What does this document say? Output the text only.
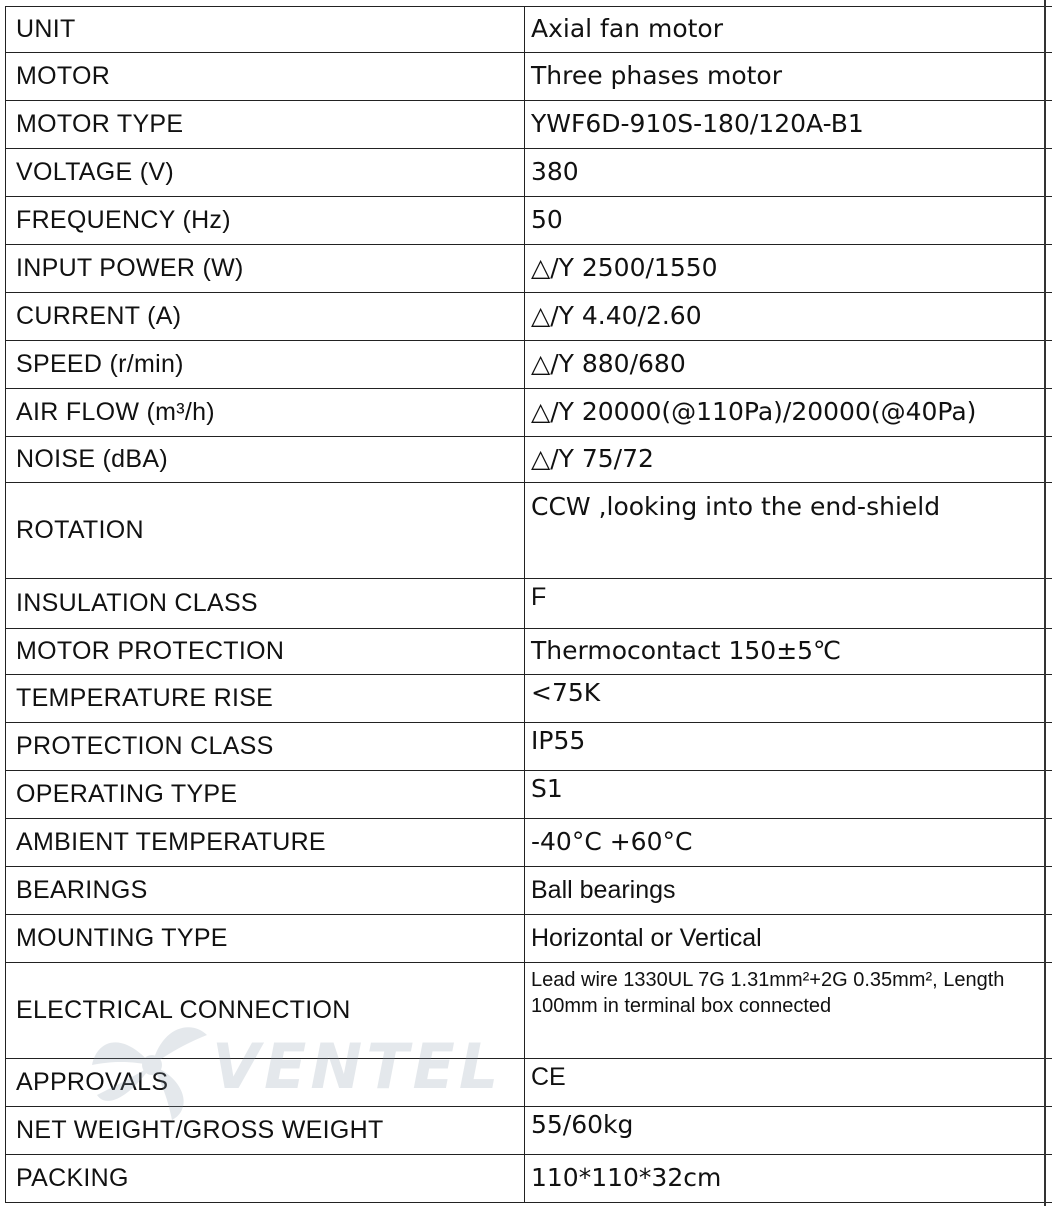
UNIT	Axial fan motor
MOTOR	Three phases motor
MOTOR TYPE	YWF6D-910S-180/120A-B1
VOLTAGE (V)	380
FREQUENCY (Hz)	50
INPUT POWER (W)	△/Y 2500/1550
CURRENT (A)	△/Y 4.40/2.60
SPEED (r/min)	△/Y 880/680
AIR FLOW (m³/h)	△/Y 20000(@110Pa)/20000(@40Pa)
NOISE (dBA)	△/Y 75/72
ROTATION	CCW ,looking into the end-shield
INSULATION CLASS	F
MOTOR PROTECTION	Thermocontact 150±5℃
TEMPERATURE RISE	<75K
PROTECTION CLASS	IP55
OPERATING TYPE	S1
AMBIENT TEMPERATURE	-40°C +60°C
BEARINGS	Ball bearings
MOUNTING TYPE	Horizontal or Vertical
ELECTRICAL CONNECTION	Lead wire 1330UL 7G 1.31mm²+2G 0.35mm², Length 100mm in terminal box connected
APPROVALS	CE
NET WEIGHT/GROSS WEIGHT	55/60kg
PACKING	110*110*32cm
VENTEL
